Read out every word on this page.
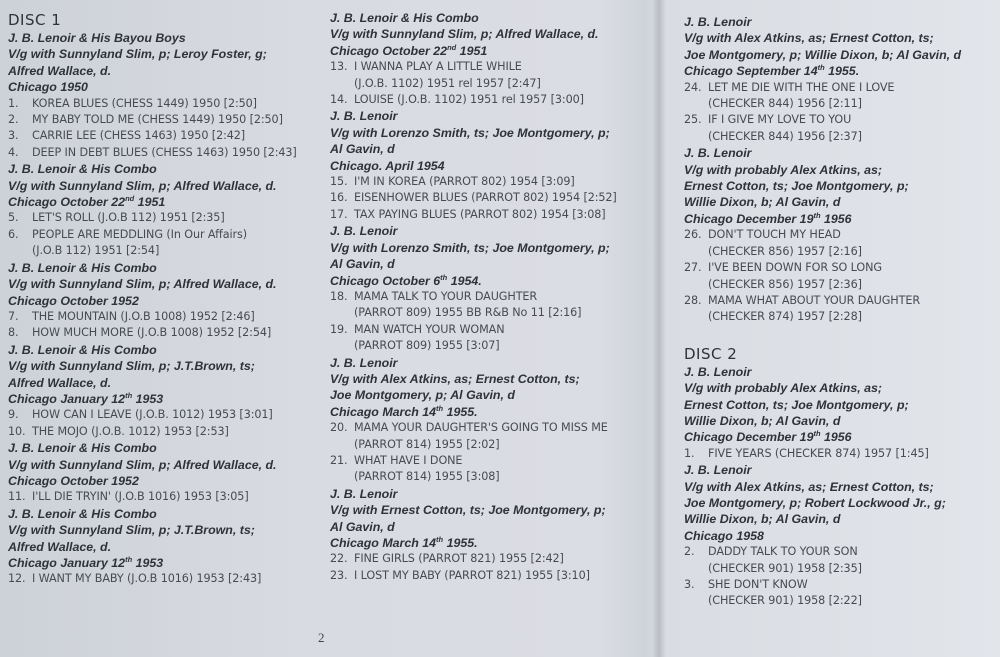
DISC 1
J. B. Lenoir & His Bayou Boys
V/g with Sunnyland Slim, p; Leroy Foster, g;
Alfred Wallace, d.
Chicago 1950
1. KOREA BLUES (CHESS 1449) 1950 [2:50]
2. MY BABY TOLD ME (CHESS 1449) 1950 [2:50]
3. CARRIE LEE (CHESS 1463) 1950 [2:42]
4. DEEP IN DEBT BLUES (CHESS 1463) 1950 [2:43]
J. B. Lenoir & His Combo
V/g with Sunnyland Slim, p; Alfred Wallace, d.
Chicago October 22nd 1951
5. LET'S ROLL (J.O.B 112) 1951 [2:35]
6. PEOPLE ARE MEDDLING (In Our Affairs)
(J.O.B 112) 1951 [2:54]
J. B. Lenoir & His Combo
V/g with Sunnyland Slim, p; Alfred Wallace, d.
Chicago October 1952
7. THE MOUNTAIN (J.O.B 1008) 1952 [2:46]
8. HOW MUCH MORE (J.O.B 1008) 1952 [2:54]
J. B. Lenoir & His Combo
V/g with Sunnyland Slim, p; J.T.Brown, ts;
Alfred Wallace, d.
Chicago January 12th 1953
9. HOW CAN I LEAVE (J.O.B. 1012) 1953 [3:01]
10. THE MOJO (J.O.B. 1012) 1953 [2:53]
J. B. Lenoir & His Combo
V/g with Sunnyland Slim, p; Alfred Wallace, d.
Chicago October 1952
11. I'LL DIE TRYIN' (J.O.B 1016) 1953 [3:05]
J. B. Lenoir & His Combo
V/g with Sunnyland Slim, p; J.T.Brown, ts;
Alfred Wallace, d.
Chicago January 12th 1953
12. I WANT MY BABY (J.O.B 1016) 1953 [2:43]
J. B. Lenoir & His Combo
V/g with Sunnyland Slim, p; Alfred Wallace, d.
Chicago October 22nd 1951
13. I WANNA PLAY A LITTLE WHILE
(J.O.B. 1102) 1951 rel 1957 [2:47]
14. LOUISE (J.O.B. 1102) 1951 rel 1957 [3:00]
J. B. Lenoir
V/g with Lorenzo Smith, ts; Joe Montgomery, p;
Al Gavin, d
Chicago. April 1954
15. I'M IN KOREA (PARROT 802) 1954 [3:09]
16. EISENHOWER BLUES (PARROT 802) 1954 [2:52]
17. TAX PAYING BLUES (PARROT 802) 1954 [3:08]
J. B. Lenoir
V/g with Lorenzo Smith, ts; Joe Montgomery, p;
Al Gavin, d
Chicago October 6th 1954.
18. MAMA TALK TO YOUR DAUGHTER
(PARROT 809) 1955 BB R&B No 11 [2:16]
19. MAN WATCH YOUR WOMAN
(PARROT 809) 1955 [3:07]
J. B. Lenoir
V/g with Alex Atkins, as; Ernest Cotton, ts;
Joe Montgomery, p; Al Gavin, d
Chicago March 14th 1955.
20. MAMA YOUR DAUGHTER'S GOING TO MISS ME
(PARROT 814) 1955 [2:02]
21. WHAT HAVE I DONE
(PARROT 814) 1955 [3:08]
J. B. Lenoir
V/g with Ernest Cotton, ts; Joe Montgomery, p;
Al Gavin, d
Chicago March 14th 1955.
22. FINE GIRLS (PARROT 821) 1955 [2:42]
23. I LOST MY BABY (PARROT 821) 1955 [3:10]
2
J. B. Lenoir
V/g with Alex Atkins, as; Ernest Cotton, ts;
Joe Montgomery, p; Willie Dixon, b; Al Gavin, d
Chicago September 14th 1955.
24. LET ME DIE WITH THE ONE I LOVE
(CHECKER 844) 1956 [2:11]
25. IF I GIVE MY LOVE TO YOU
(CHECKER 844) 1956 [2:37]
J. B. Lenoir
V/g with probably Alex Atkins, as;
Ernest Cotton, ts; Joe Montgomery, p;
Willie Dixon, b; Al Gavin, d
Chicago December 19th 1956
26. DON'T TOUCH MY HEAD
(CHECKER 856) 1957 [2:16]
27. I'VE BEEN DOWN FOR SO LONG
(CHECKER 856) 1957 [2:36]
28. MAMA WHAT ABOUT YOUR DAUGHTER
(CHECKER 874) 1957 [2:28]
DISC 2
J. B. Lenoir
V/g with probably Alex Atkins, as;
Ernest Cotton, ts; Joe Montgomery, p;
Willie Dixon, b; Al Gavin, d
Chicago December 19th 1956
1. FIVE YEARS (CHECKER 874) 1957 [1:45]
J. B. Lenoir
V/g with Alex Atkins, as; Ernest Cotton, ts;
Joe Montgomery, p; Robert Lockwood Jr., g;
Willie Dixon, b; Al Gavin, d
Chicago 1958
2. DADDY TALK TO YOUR SON
(CHECKER 901) 1958 [2:35]
3. SHE DON'T KNOW
(CHECKER 901) 1958 [2:22]
